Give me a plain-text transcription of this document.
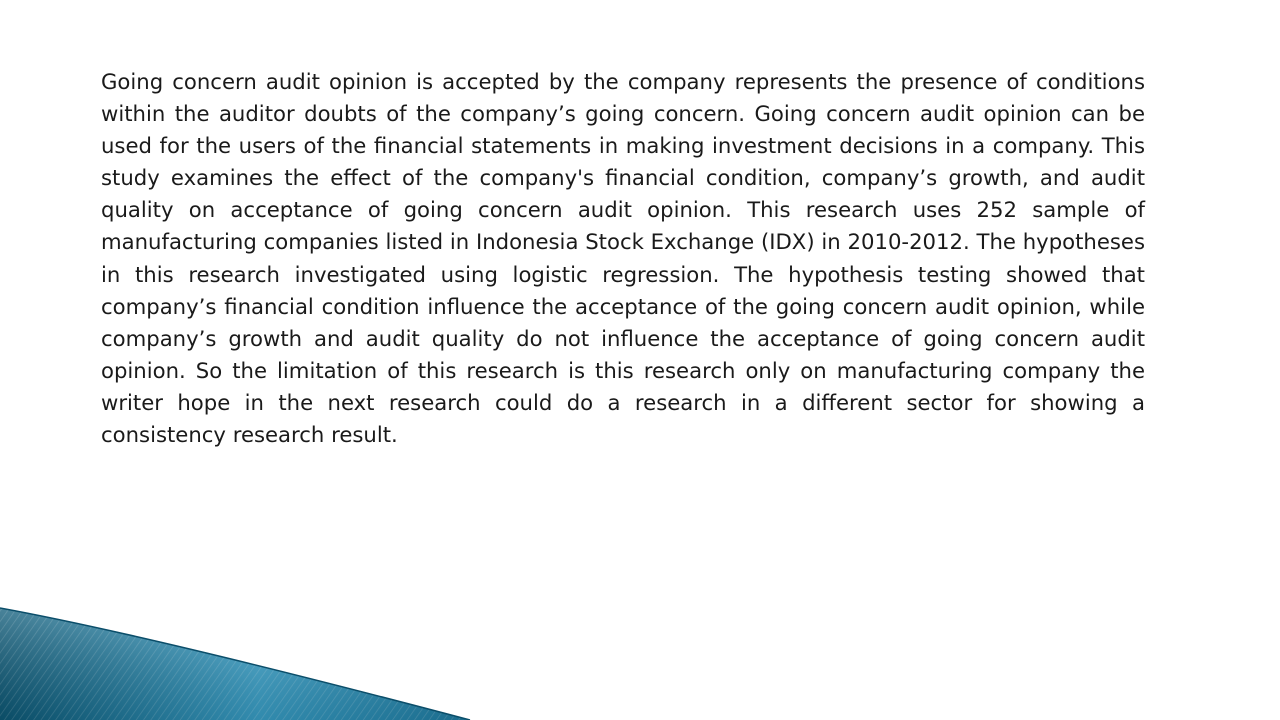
Going concern audit opinion is accepted by the company represents the presence of conditions within the auditor doubts of the company’s going concern. Going concern audit opinion can be used for the users of the financial statements in making investment decisions in a company. This study examines the effect of the company's financial condition, company’s growth, and audit quality on acceptance of going concern audit opinion. This research uses 252 sample of manufacturing companies listed in Indonesia Stock Exchange (IDX) in 2010-2012. The hypotheses in this research investigated using logistic regression. The hypothesis testing showed that company’s financial condition influence the acceptance of the going concern audit opinion, while company’s growth and audit quality do not influence the acceptance of going concern audit opinion. So the limitation of this research is this research only on manufacturing company the writer hope in the next research could do a research in a different sector for showing a consistency research result.
